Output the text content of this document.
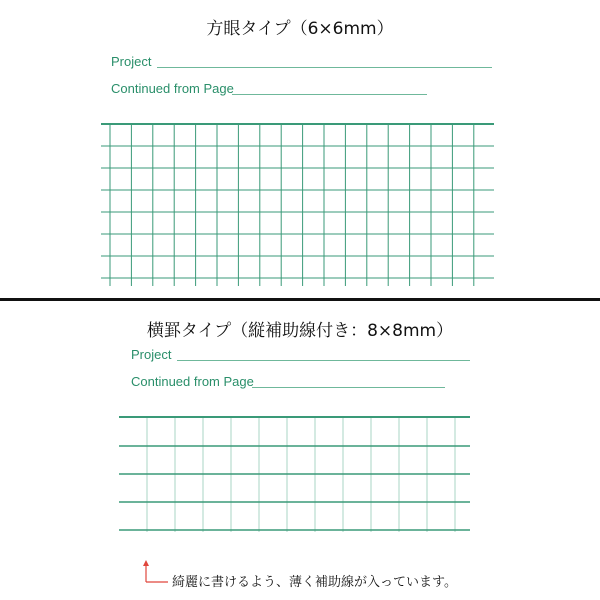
方眼タイプ（6×6mm）
Project
Continued from Page
横罫タイプ（縦補助線付き：8×8mm）
Project
Continued from Page
綺麗に書けるよう、薄く補助線が入っています。
